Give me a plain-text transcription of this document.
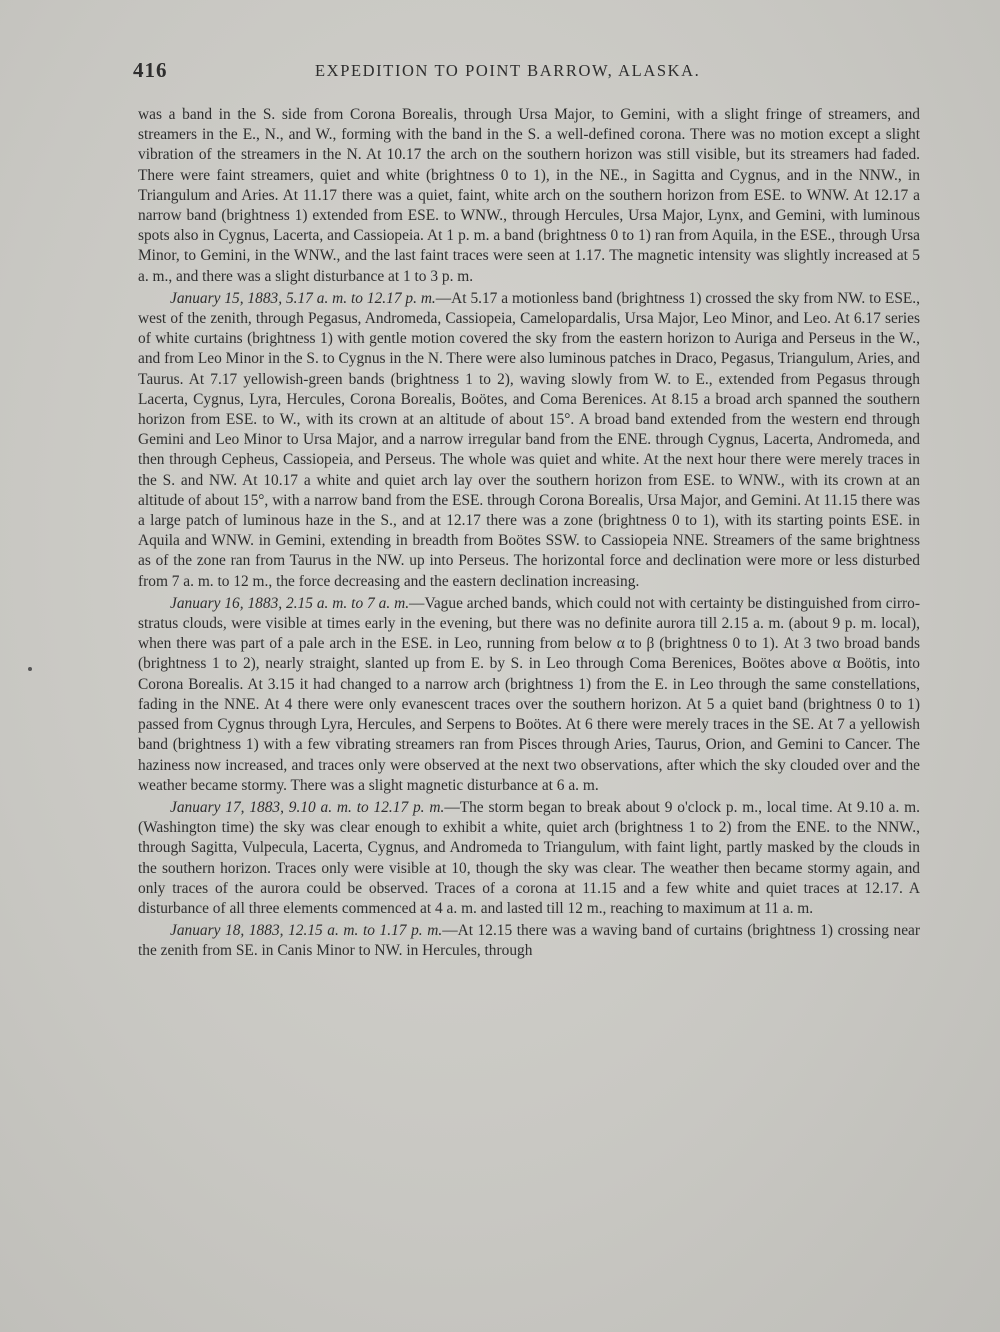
416	EXPEDITION TO POINT BARROW, ALASKA.

was a band in the S. side from Corona Borealis, through Ursa Major, to Gemini, with a slight fringe of streamers, and streamers in the E., N., and W., forming with the band in the S. a well-defined corona. There was no motion except a slight vibration of the streamers in the N. At 10.17 the arch on the southern horizon was still visible, but its streamers had faded. There were faint streamers, quiet and white (brightness 0 to 1), in the NE., in Sagitta and Cygnus, and in the NNW., in Triangulum and Aries. At 11.17 there was a quiet, faint, white arch on the southern horizon from ESE. to WNW. At 12.17 a narrow band (brightness 1) extended from ESE. to WNW., through Hercules, Ursa Major, Lynx, and Gemini, with luminous spots also in Cygnus, Lacerta, and Cassiopeia. At 1 p. m. a band (brightness 0 to 1) ran from Aquila, in the ESE., through Ursa Minor, to Gemini, in the WNW., and the last faint traces were seen at 1.17. The magnetic intensity was slightly increased at 5 a. m., and there was a slight disturbance at 1 to 3 p. m.

January 15, 1883, 5.17 a. m. to 12.17 p. m.—At 5.17 a motionless band (brightness 1) crossed the sky from NW. to ESE., west of the zenith, through Pegasus, Andromeda, Cassiopeia, Camelopardalis, Ursa Major, Leo Minor, and Leo. At 6.17 series of white curtains (brightness 1) with gentle motion covered the sky from the eastern horizon to Auriga and Perseus in the W., and from Leo Minor in the S. to Cygnus in the N. There were also luminous patches in Draco, Pegasus, Triangulum, Aries, and Taurus. At 7.17 yellowish-green bands (brightness 1 to 2), waving slowly from W. to E., extended from Pegasus through Lacerta, Cygnus, Lyra, Hercules, Corona Borealis, Boötes, and Coma Berenices. At 8.15 a broad arch spanned the southern horizon from ESE. to W., with its crown at an altitude of about 15°. A broad band extended from the western end through Gemini and Leo Minor to Ursa Major, and a narrow irregular band from the ENE. through Cygnus, Lacerta, Andromeda, and then through Cepheus, Cassiopeia, and Perseus. The whole was quiet and white. At the next hour there were merely traces in the S. and NW. At 10.17 a white and quiet arch lay over the southern horizon from ESE. to WNW., with its crown at an altitude of about 15°, with a narrow band from the ESE. through Corona Borealis, Ursa Major, and Gemini. At 11.15 there was a large patch of luminous haze in the S., and at 12.17 there was a zone (brightness 0 to 1), with its starting points ESE. in Aquila and WNW. in Gemini, extending in breadth from Boötes SSW. to Cassiopeia NNE. Streamers of the same brightness as of the zone ran from Taurus in the NW. up into Perseus. The horizontal force and declination were more or less disturbed from 7 a. m. to 12 m., the force decreasing and the eastern declination increasing.

January 16, 1883, 2.15 a. m. to 7 a. m.—Vague arched bands, which could not with certainty be distinguished from cirro-stratus clouds, were visible at times early in the evening, but there was no definite aurora till 2.15 a. m. (about 9 p. m. local), when there was part of a pale arch in the ESE. in Leo, running from below α to β (brightness 0 to 1). At 3 two broad bands (brightness 1 to 2), nearly straight, slanted up from E. by S. in Leo through Coma Berenices, Boötes above α Boötis, into Corona Borealis. At 3.15 it had changed to a narrow arch (brightness 1) from the E. in Leo through the same constellations, fading in the NNE. At 4 there were only evanescent traces over the southern horizon. At 5 a quiet band (brightness 0 to 1) passed from Cygnus through Lyra, Hercules, and Serpens to Boötes. At 6 there were merely traces in the SE. At 7 a yellowish band (brightness 1) with a few vibrating streamers ran from Pisces through Aries, Taurus, Orion, and Gemini to Cancer. The haziness now increased, and traces only were observed at the next two observations, after which the sky clouded over and the weather became stormy. There was a slight magnetic disturbance at 6 a. m.

January 17, 1883, 9.10 a. m. to 12.17 p. m.—The storm began to break about 9 o'clock p. m., local time. At 9.10 a. m. (Washington time) the sky was clear enough to exhibit a white, quiet arch (brightness 1 to 2) from the ENE. to the NNW., through Sagitta, Vulpecula, Lacerta, Cygnus, and Andromeda to Triangulum, with faint light, partly masked by the clouds in the southern horizon. Traces only were visible at 10, though the sky was clear. The weather then became stormy again, and only traces of the aurora could be observed. Traces of a corona at 11.15 and a few white and quiet traces at 12.17. A disturbance of all three elements commenced at 4 a. m. and lasted till 12 m., reaching to maximum at 11 a. m.

January 18, 1883, 12.15 a. m. to 1.17 p. m.—At 12.15 there was a waving band of curtains (brightness 1) crossing near the zenith from SE. in Canis Minor to NW. in Hercules, through
